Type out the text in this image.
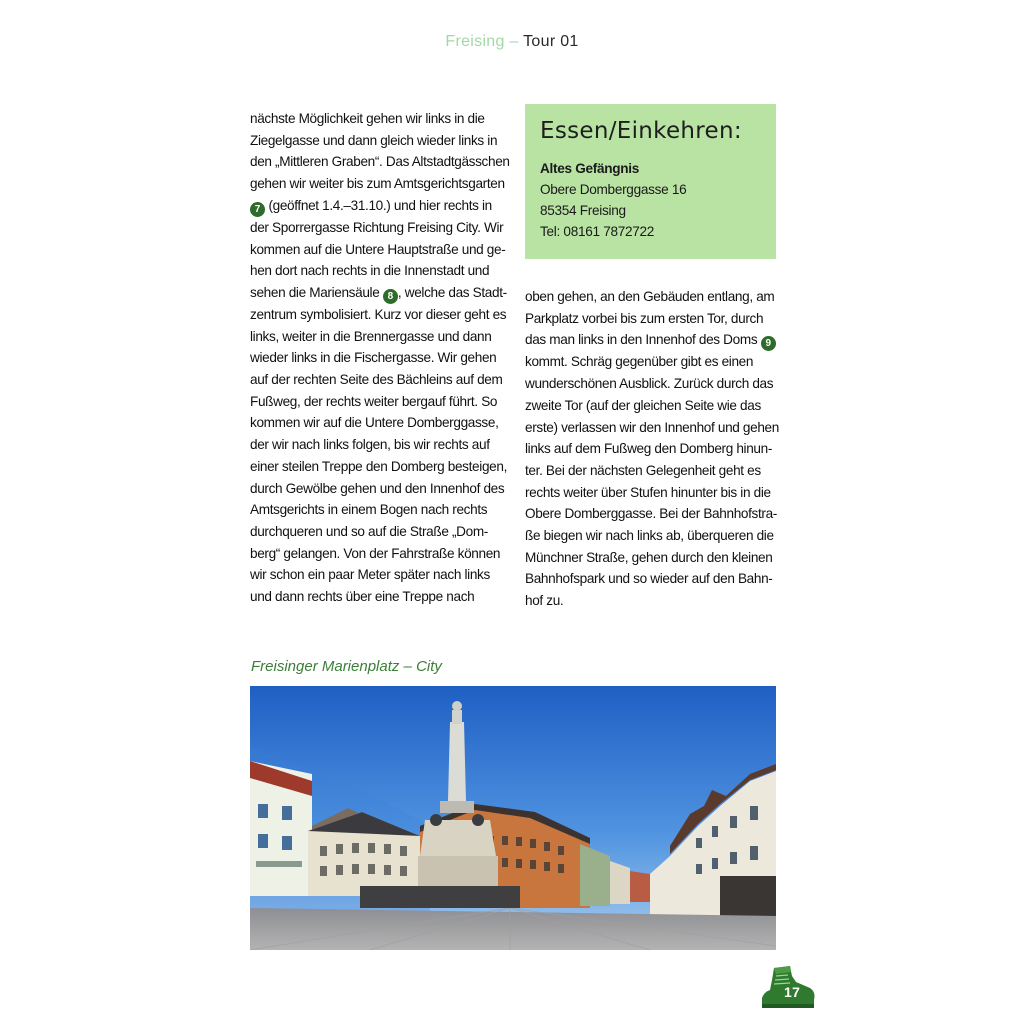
Freising – Tour 01
nächste Möglichkeit gehen wir links in die
Ziegelgasse und dann gleich wieder links in
den „Mittleren Graben“. Das Altstadtgässchen
gehen wir weiter bis zum Amtsgerichtsgarten
7 (geöffnet 1.4.–31.10.) und hier rechts in
der Sporrergasse Richtung Freising City. Wir
kommen auf die Untere Hauptstraße und ge-
hen dort nach rechts in die Innenstadt und
sehen die Mariensäule 8 , welche das Stadt-
zentrum symbolisiert. Kurz vor dieser geht es
links, weiter in die Brennergasse und dann
wieder links in die Fischergasse. Wir gehen
auf der rechten Seite des Bächleins auf dem
Fußweg, der rechts weiter bergauf führt. So
kommen wir auf die Untere Domberggasse,
der wir nach links folgen, bis wir rechts auf
einer steilen Treppe den Domberg besteigen,
durch Gewölbe gehen und den Innenhof des
Amtsgerichts in einem Bogen nach rechts
durchqueren und so auf die Straße „Dom-
berg“ gelangen. Von der Fahrstraße können
wir schon ein paar Meter später nach links
und dann rechts über eine Treppe nach
Essen/Einkehren:
Altes Gefängnis
Obere Domberggasse 16
85354 Freising
Tel: 08161 7872722
oben gehen, an den Gebäuden entlang, am
Parkplatz vorbei bis zum ersten Tor, durch
das man links in den Innenhof des Doms 9
kommt. Schräg gegenüber gibt es einen
wunderschönen Ausblick. Zurück durch das
zweite Tor (auf der gleichen Seite wie das
erste) verlassen wir den Innenhof und gehen
links auf dem Fußweg den Domberg hinun-
ter. Bei der nächsten Gelegenheit geht es
rechts weiter über Stufen hinunter bis in die
Obere Domberggasse. Bei der Bahnhofstra-
ße biegen wir nach links ab, überqueren die
Münchner Straße, gehen durch den kleinen
Bahnhofspark und so wieder auf den Bahn-
hof zu.
Freisinger Marienplatz – City
17
